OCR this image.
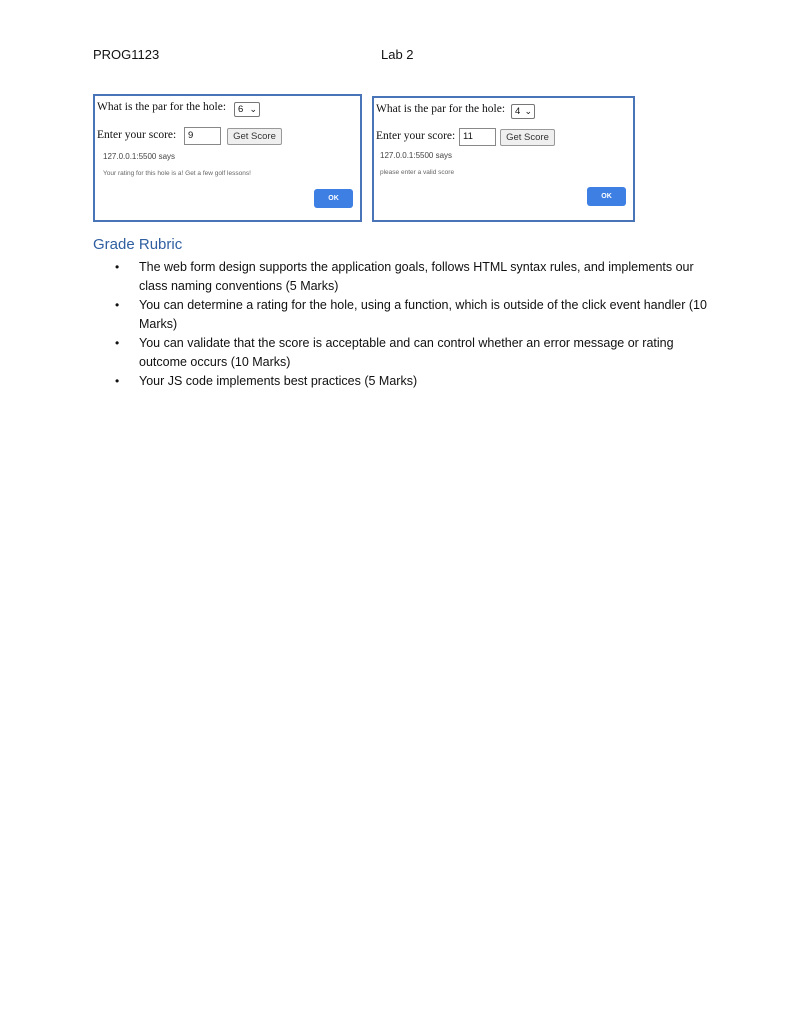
PROG1123	Lab 2
What is the par for the hole:	6 ⌄
Enter your score:	9	Get Score
127.0.0.1:5500 says
Your rating for this hole is a! Get a few golf lessons!
OK
What is the par for the hole:	4 ⌄
Enter your score: 11	Get Score
127.0.0.1:5500 says
please enter a valid score
OK
Grade Rubric
• The web form design supports the application goals, follows HTML syntax rules, and implements our class naming conventions (5 Marks)
• You can determine a rating for the hole, using a function, which is outside of the click event handler (10 Marks)
• You can validate that the score is acceptable and can control whether an error message or rating outcome occurs (10 Marks)
• Your JS code implements best practices (5 Marks)
